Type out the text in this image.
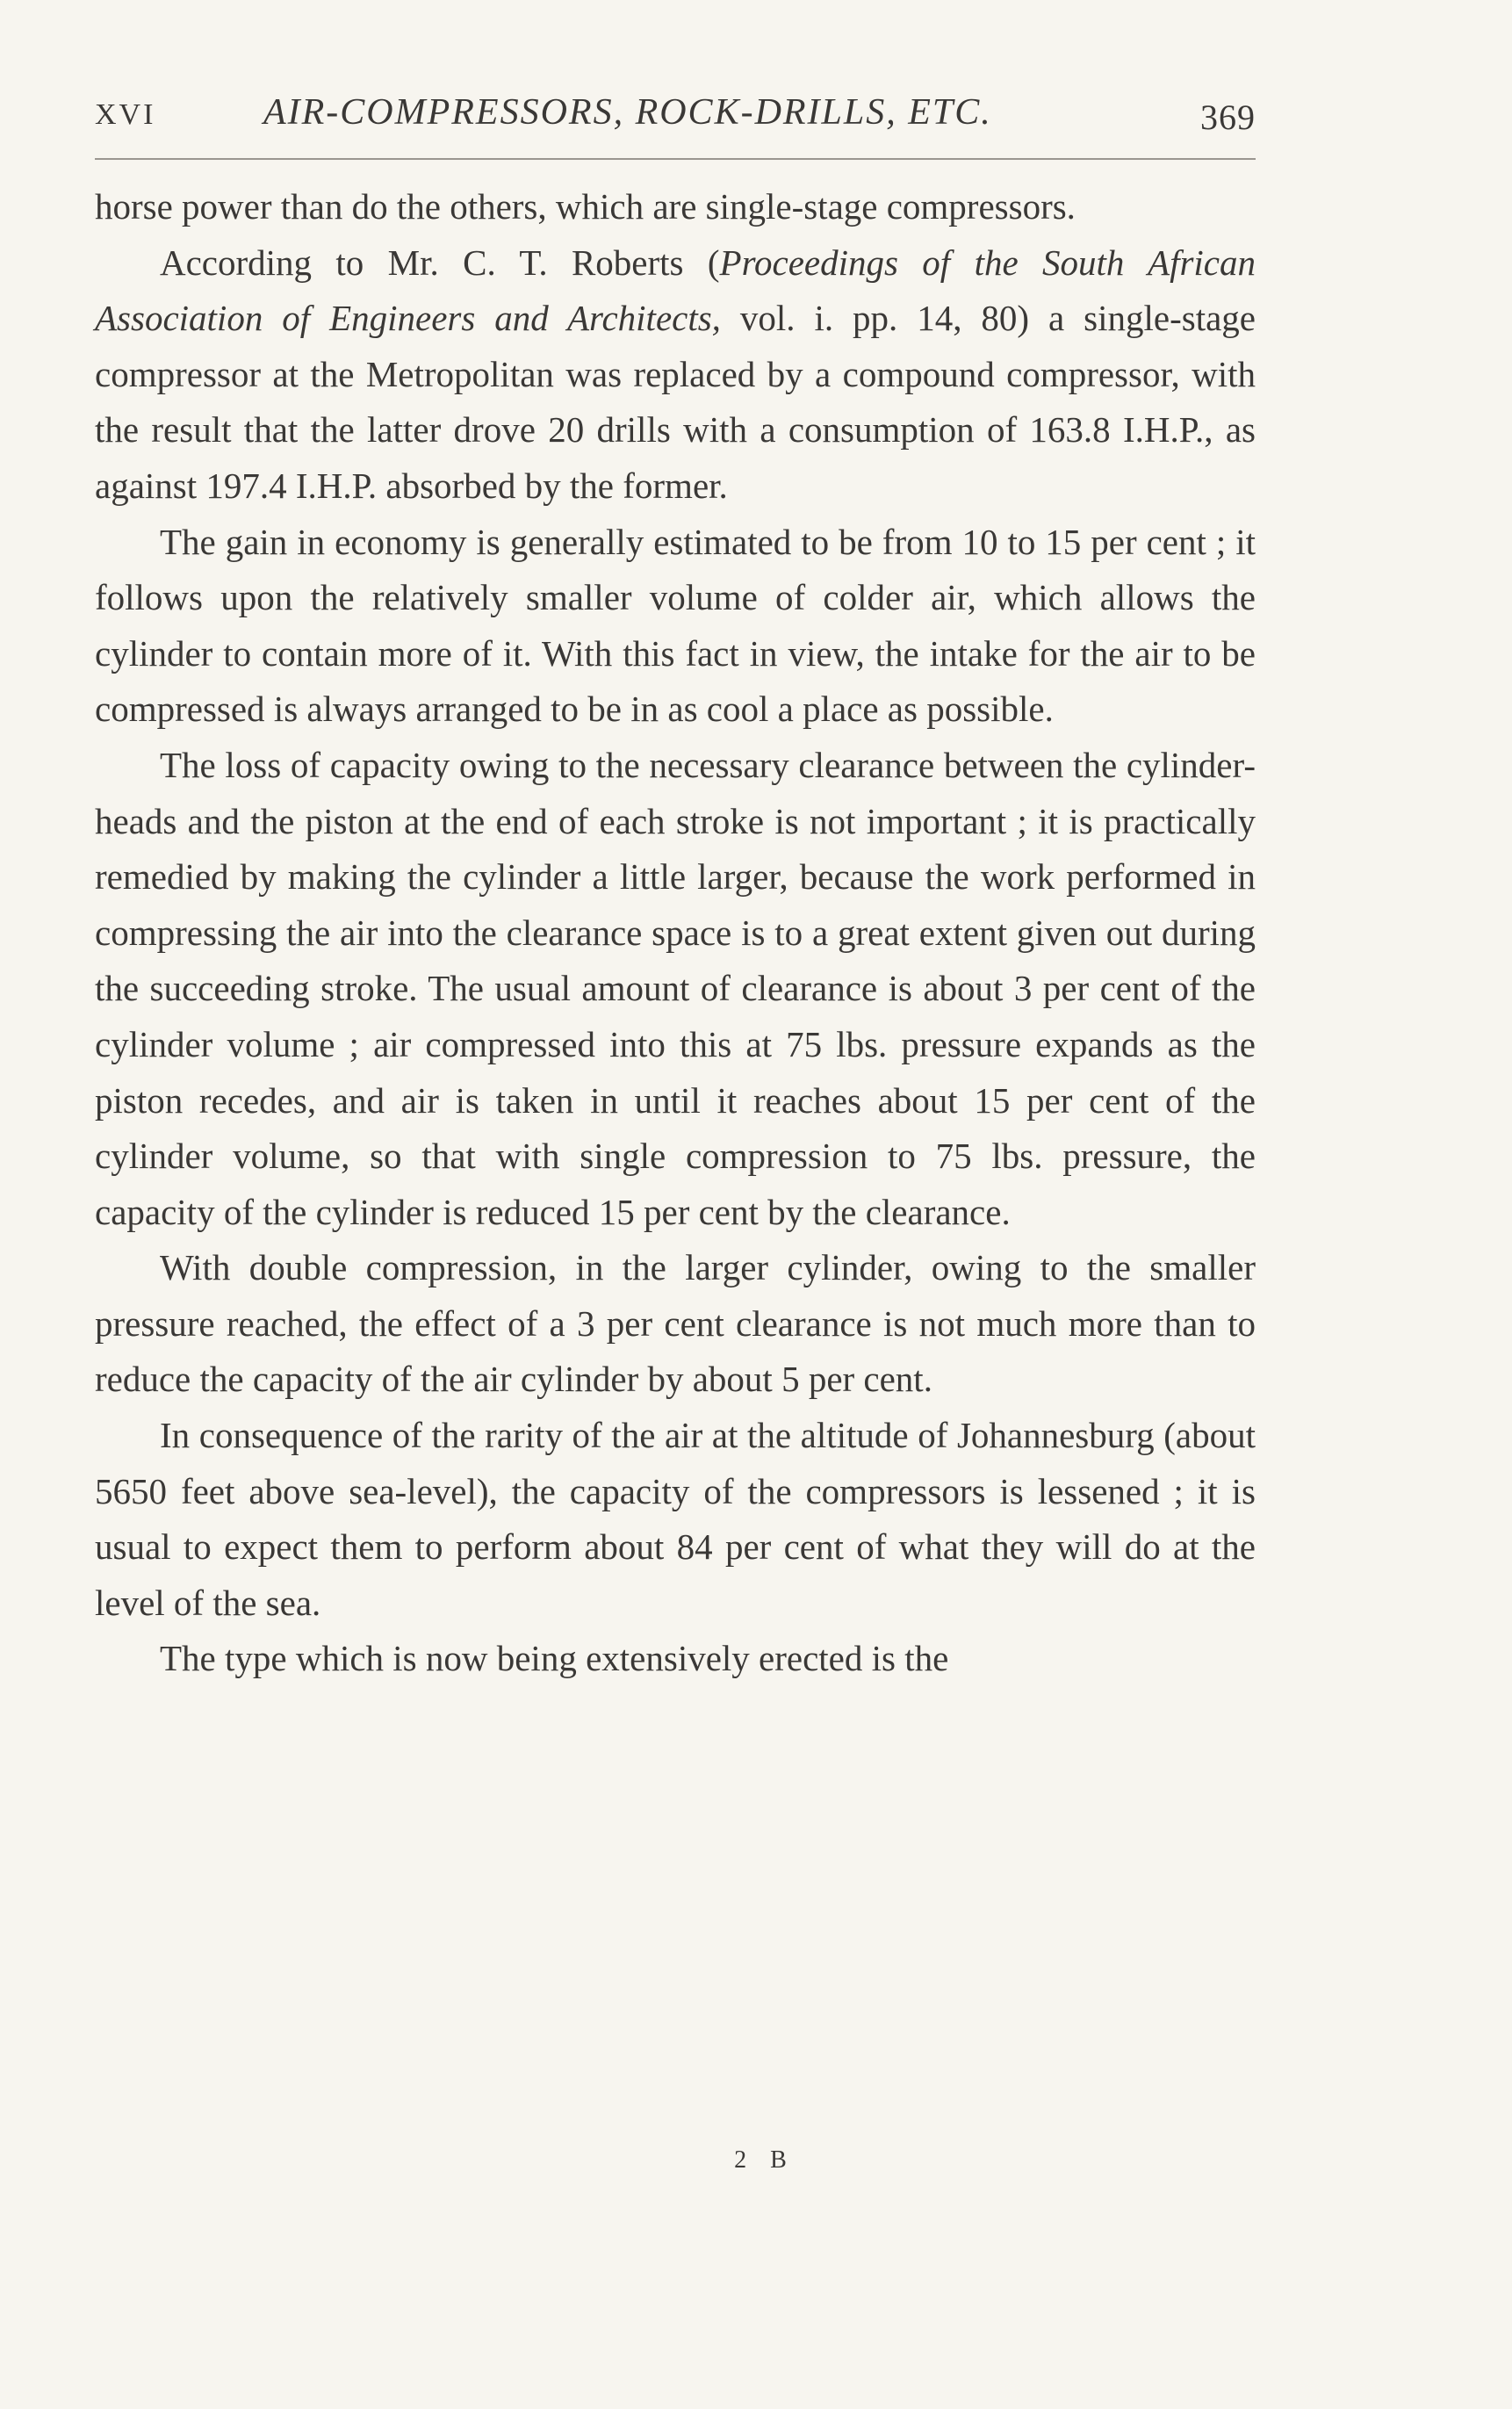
XVI	AIR-COMPRESSORS, ROCK-DRILLS, ETC.	369

horse power than do the others, which are single-stage compressors.

According to Mr. C. T. Roberts (Proceedings of the South African Association of Engineers and Architects, vol. i. pp. 14, 80) a single-stage compressor at the Metropolitan was replaced by a compound compressor, with the result that the latter drove 20 drills with a consumption of 163.8 I.H.P., as against 197.4 I.H.P. absorbed by the former.

The gain in economy is generally estimated to be from 10 to 15 per cent ; it follows upon the relatively smaller volume of colder air, which allows the cylinder to contain more of it. With this fact in view, the intake for the air to be compressed is always arranged to be in as cool a place as possible.

The loss of capacity owing to the necessary clearance between the cylinder-heads and the piston at the end of each stroke is not important ; it is practically remedied by making the cylinder a little larger, because the work performed in compressing the air into the clearance space is to a great extent given out during the succeeding stroke. The usual amount of clearance is about 3 per cent of the cylinder volume ; air compressed into this at 75 lbs. pressure expands as the piston recedes, and air is taken in until it reaches about 15 per cent of the cylinder volume, so that with single compression to 75 lbs. pressure, the capacity of the cylinder is reduced 15 per cent by the clearance.

With double compression, in the larger cylinder, owing to the smaller pressure reached, the effect of a 3 per cent clearance is not much more than to reduce the capacity of the air cylinder by about 5 per cent.

In consequence of the rarity of the air at the altitude of Johannesburg (about 5650 feet above sea-level), the capacity of the compressors is lessened ; it is usual to expect them to perform about 84 per cent of what they will do at the level of the sea.

The type which is now being extensively erected is the

2 B
